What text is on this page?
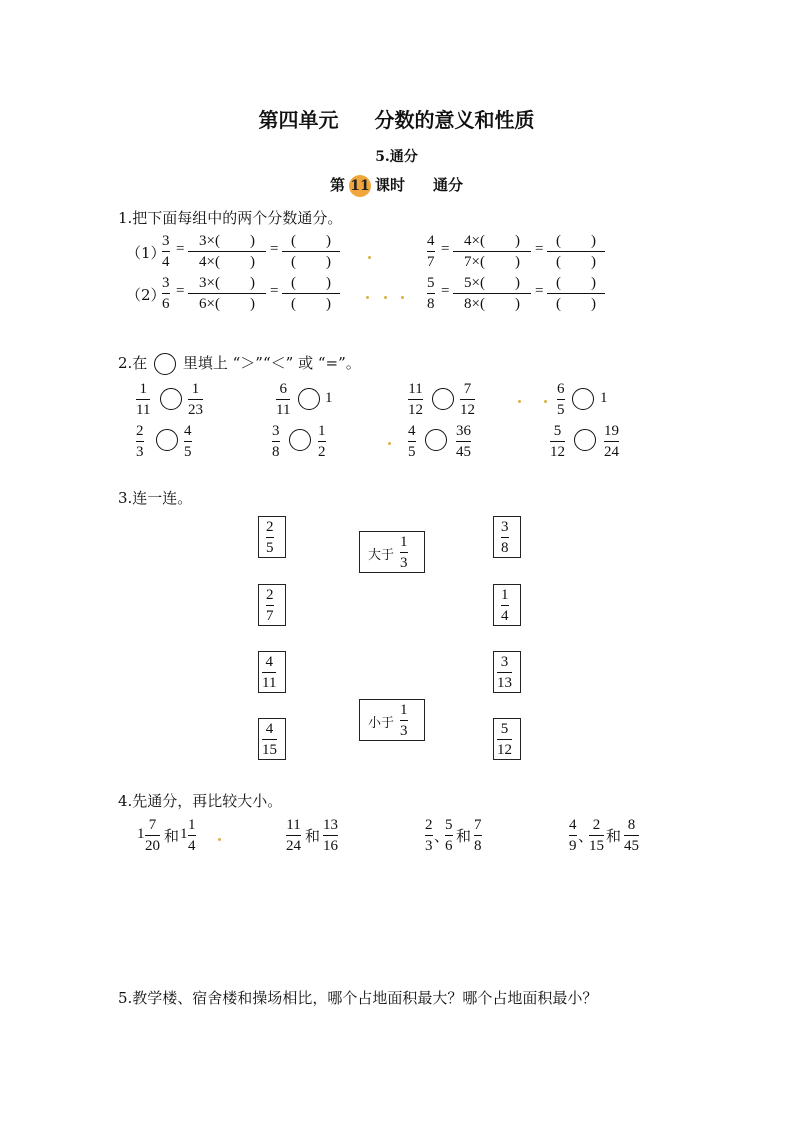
第四单元 分数的意义和性质
5.通分
第 11 课时 通分
1.把下面每组中的两个分数通分。
（1）
（2）
3
4
= 3×(　　)
4×(　　)
= (　　)
(　　)
4
7
= 4×(　　)
7×(　　)
= (　　)
(　　)
3
6
= 3×(　　)
6×(　　)
= (　　)
(　　)
5
8
= 5×(　　)
8×(　　)
= (　　)
(　　)
2.在 里填上 “＞”“＜” 或 “=”。
1
11
1
23
6
11
1
11
12
7
12
6
5
1
2
3
4
5
3
8
1
2
4
5
36
45
5
12
19
24
3.连一连。
2
5
2
7
4
11
4
15
大于
1
3
小于
1
3
3
8
1
4
3
13
5
12
4.先通分，再比较大小。
1
7
20
和 1
1
4
11
24
和
13
16
2
3
、
5
6
和
7
8
4
9
、
2
15
和
8
45
5.教学楼、宿舍楼和操场相比，哪个占地面积最大？哪个占地面积最小？
